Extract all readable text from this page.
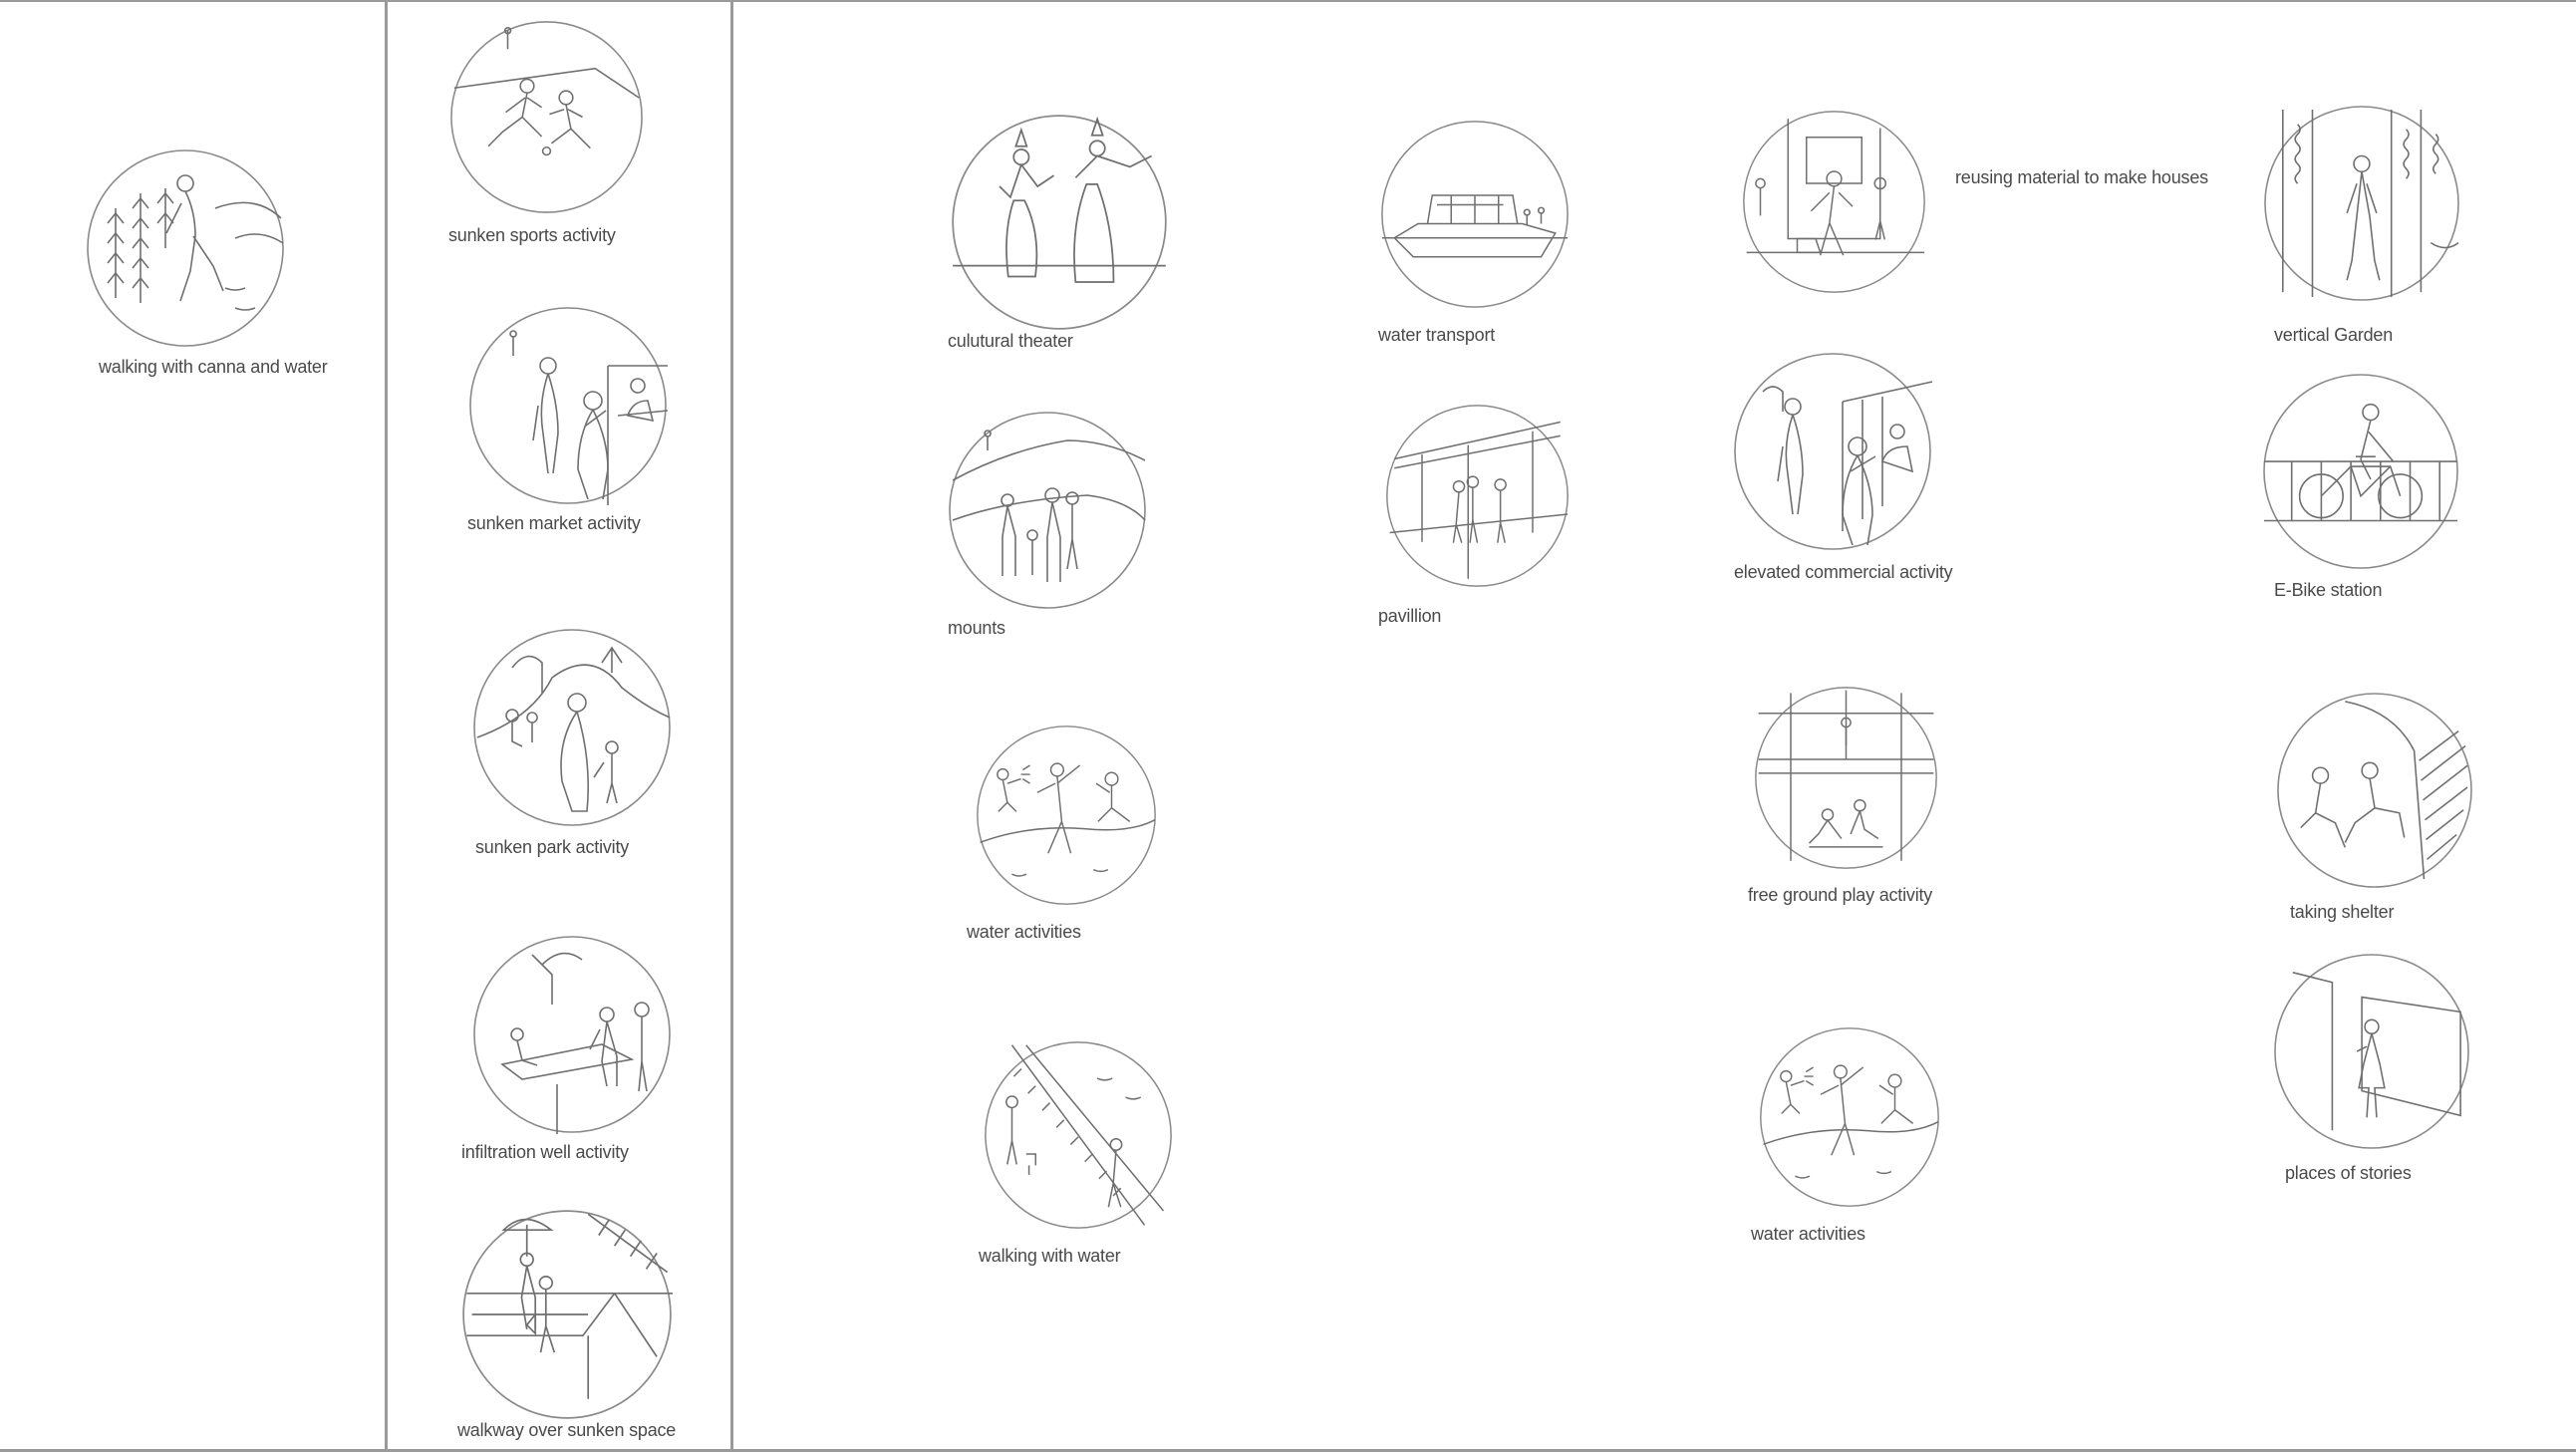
walking with canna and water
sunken sports activity
sunken market activity
sunken park activity
infiltration well activity
walkway over sunken space
culutural theater
mounts
water activities
walking with water
water transport
pavillion
reusing material to make houses
elevated commercial activity
free ground play activity
water activities
vertical Garden
E-Bike station
taking shelter
places of stories
